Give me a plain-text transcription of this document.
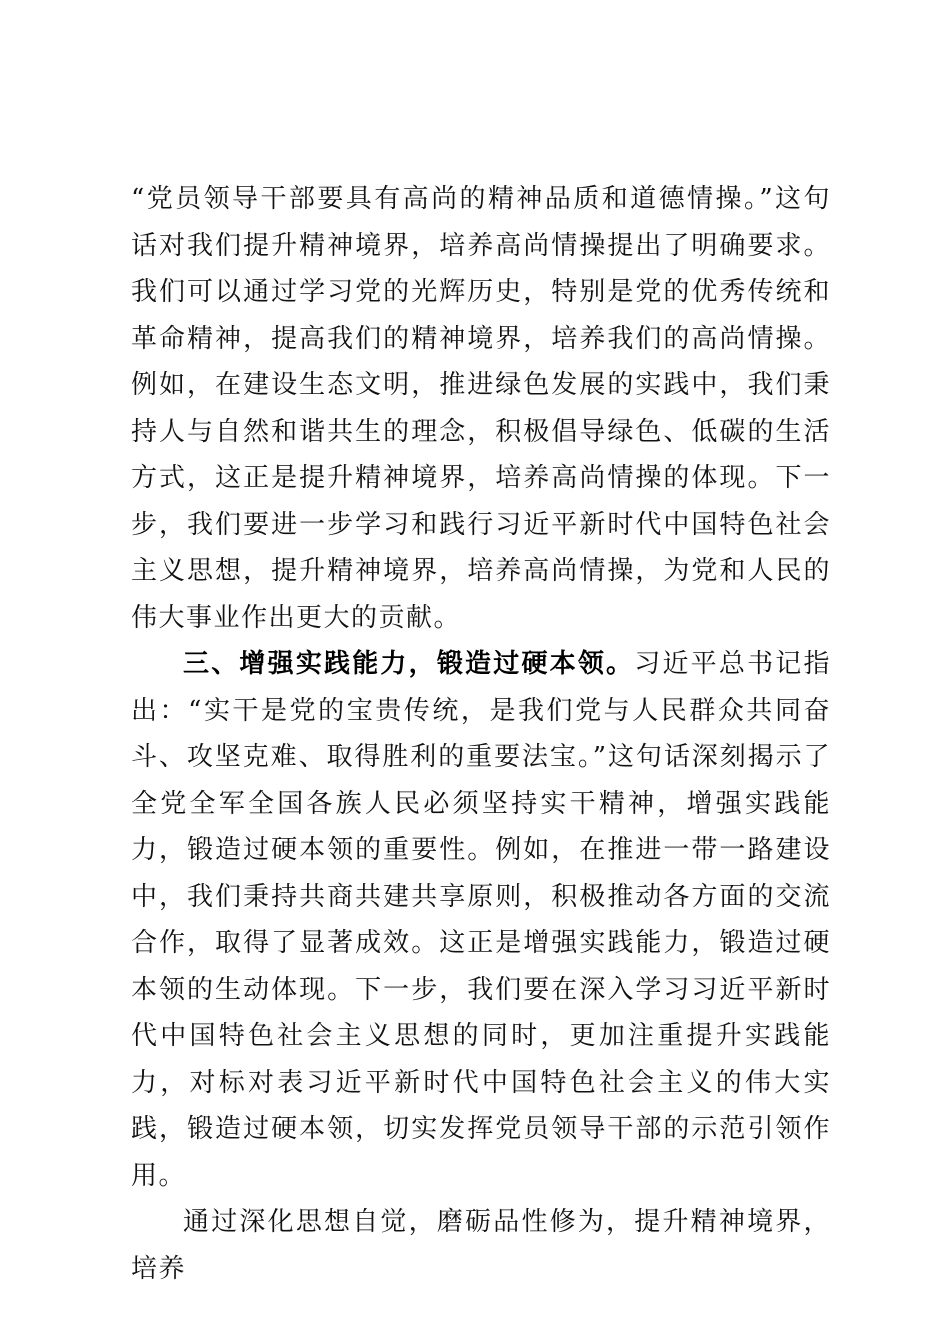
“党员领导干部要具有高尚的精神品质和道德情操。”这句话对我们提升精神境界，培养高尚情操提出了明确要求。我们可以通过学习党的光辉历史，特别是党的优秀传统和革命精神，提高我们的精神境界，培养我们的高尚情操。例如，在建设生态文明，推进绿色发展的实践中，我们秉持人与自然和谐共生的理念，积极倡导绿色、低碳的生活方式，这正是提升精神境界，培养高尚情操的体现。下一步，我们要进一步学习和践行习近平新时代中国特色社会主义思想，提升精神境界，培养高尚情操，为党和人民的伟大事业作出更大的贡献。

三、增强实践能力，锻造过硬本领。习近平总书记指出：“实干是党的宝贵传统，是我们党与人民群众共同奋斗、攻坚克难、取得胜利的重要法宝。”这句话深刻揭示了全党全军全国各族人民必须坚持实干精神，增强实践能力，锻造过硬本领的重要性。例如，在推进一带一路建设中，我们秉持共商共建共享原则，积极推动各方面的交流合作，取得了显著成效。这正是增强实践能力，锻造过硬本领的生动体现。下一步，我们要在深入学习习近平新时代中国特色社会主义思想的同时，更加注重提升实践能力，对标对表习近平新时代中国特色社会主义的伟大实践，锻造过硬本领，切实发挥党员领导干部的示范引领作用。

通过深化思想自觉，磨砺品性修为，提升精神境界，培养
